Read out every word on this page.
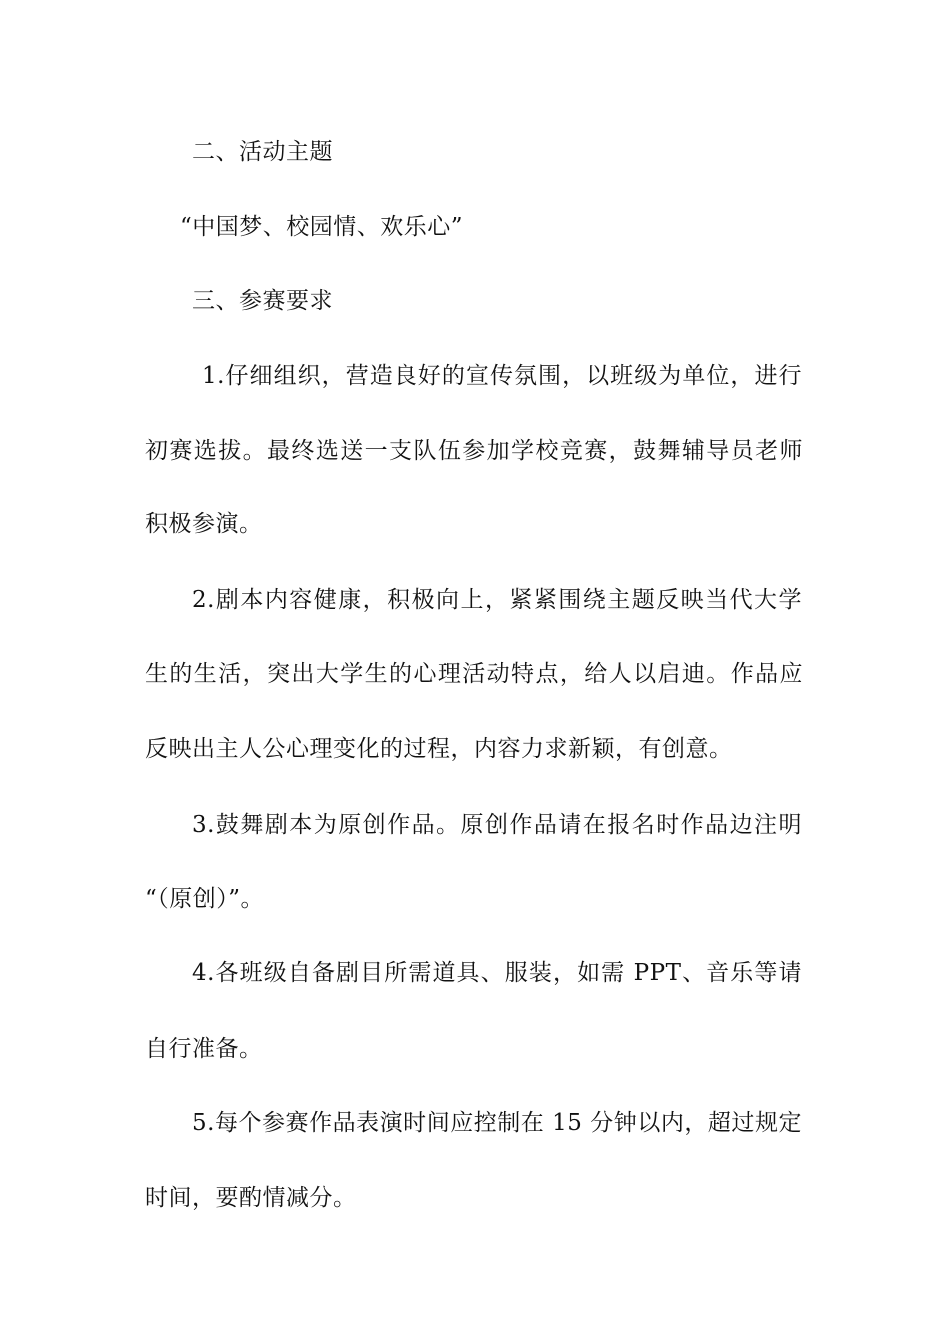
二、活动主题
“中国梦、校园情、欢乐心”
三、参赛要求
1.仔细组织，营造良好的宣传氛围，以班级为单位，进行
初赛选拔。最终选送一支队伍参加学校竞赛，鼓舞辅导员老师
积极参演。
2.剧本内容健康，积极向上，紧紧围绕主题反映当代大学
生的生活，突出大学生的心理活动特点，给人以启迪。作品应
反映出主人公心理变化的过程，内容力求新颖，有创意。
3.鼓舞剧本为原创作品。原创作品请在报名时作品边注明
“（原创）”。
4.各班级自备剧目所需道具、服装，如需 PPT、音乐等请
自行准备。
5.每个参赛作品表演时间应控制在 15 分钟以内，超过规定
时间，要酌情减分。
